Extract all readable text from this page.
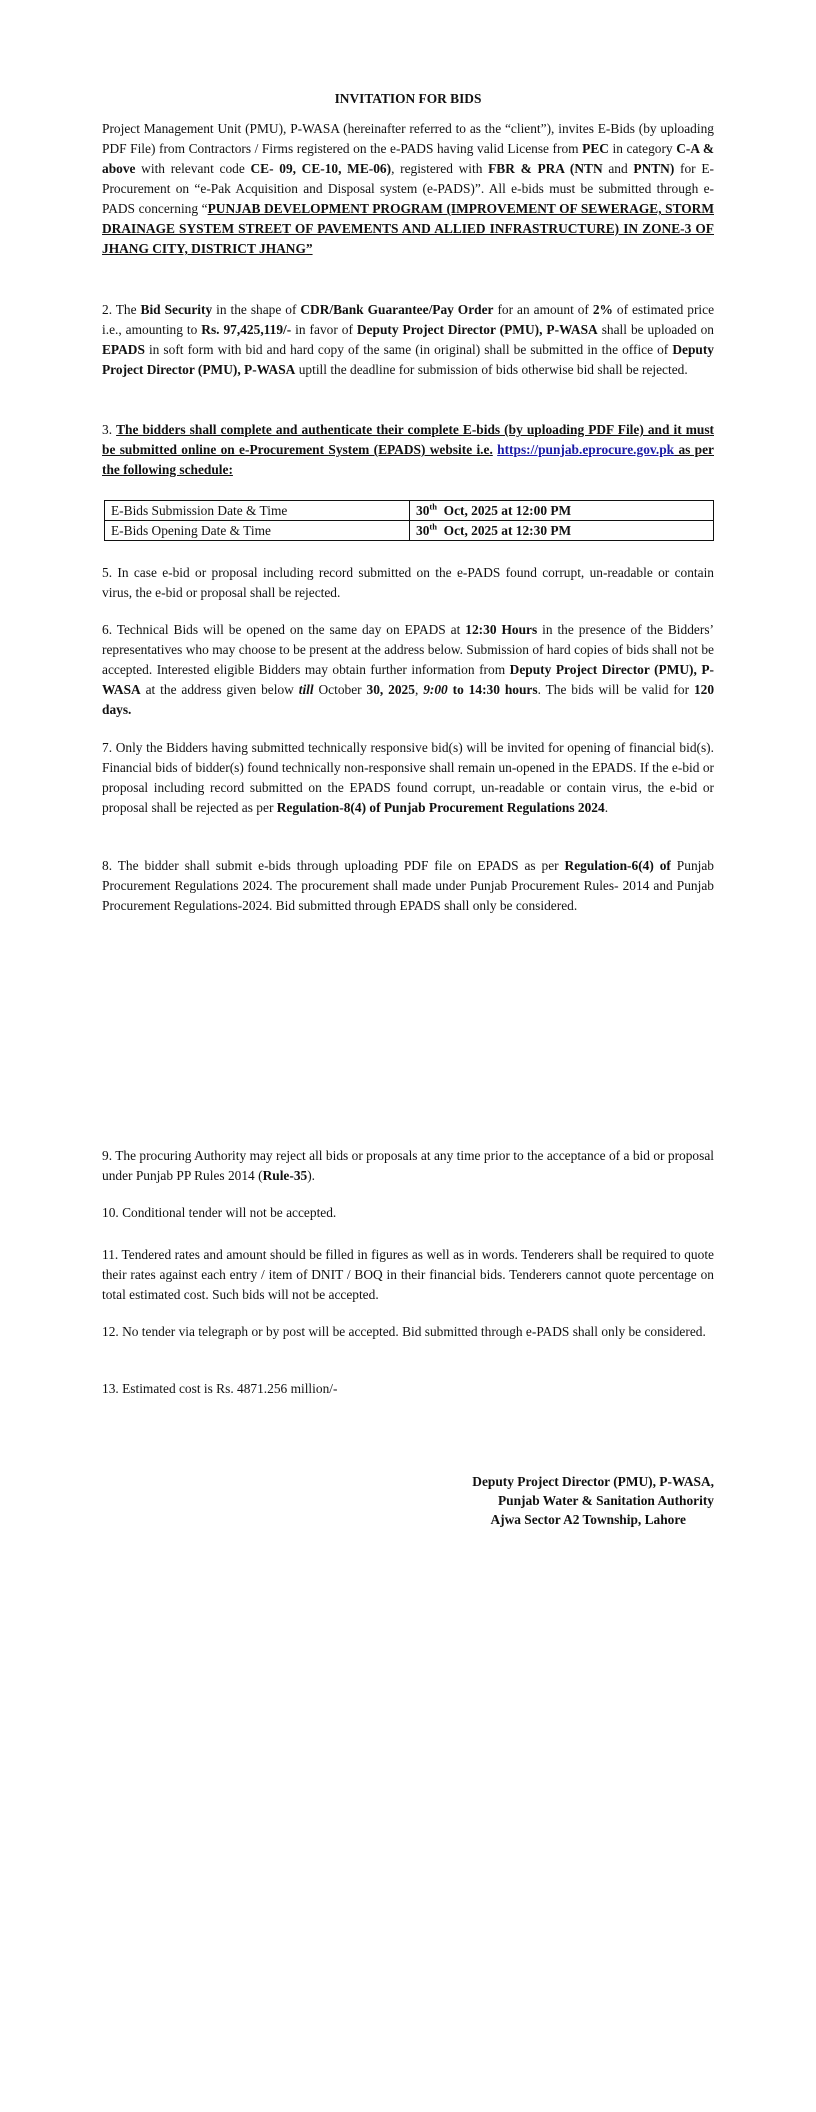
INVITATION FOR BIDS

Project Management Unit (PMU), P-WASA (hereinafter referred to as the “client”), invites E-Bids (by uploading PDF File) from Contractors / Firms registered on the e-PADS having valid License from PEC in category C-A & above with relevant code CE- 09, CE-10, ME-06), registered with FBR & PRA (NTN and PNTN) for E-Procurement on “e-Pak Acquisition and Disposal system (e-PADS)”. All e-bids must be submitted through e-PADS concerning “PUNJAB DEVELOPMENT PROGRAM (IMPROVEMENT OF SEWERAGE, STORM DRAINAGE SYSTEM STREET OF PAVEMENTS AND ALLIED INFRASTRUCTURE) IN ZONE-3 OF JHANG CITY, DISTRICT JHANG”

2. The Bid Security in the shape of CDR/Bank Guarantee/Pay Order for an amount of 2% of estimated price i.e., amounting to Rs. 97,425,119/- in favor of Deputy Project Director (PMU), P-WASA shall be uploaded on EPADS in soft form with bid and hard copy of the same (in original) shall be submitted in the office of Deputy Project Director (PMU), P-WASA uptill the deadline for submission of bids otherwise bid shall be rejected.

3. The bidders shall complete and authenticate their complete E-bids (by uploading PDF File) and it must be submitted online on e-Procurement System (EPADS) website i.e. https://punjab.eprocure.gov.pk as per the following schedule:

E-Bids Submission Date & Time	30th  Oct, 2025 at 12:00 PM
E-Bids Opening Date & Time	30th  Oct, 2025 at 12:30 PM

5. In case e-bid or proposal including record submitted on the e-PADS found corrupt, un-readable or contain virus, the e-bid or proposal shall be rejected.

6. Technical Bids will be opened on the same day on EPADS at 12:30 Hours in the presence of the Bidders’ representatives who may choose to be present at the address below. Submission of hard copies of bids shall not be accepted. Interested eligible Bidders may obtain further information from Deputy Project Director (PMU), P-WASA at the address given below till October 30, 2025, 9:00 to 14:30 hours. The bids will be valid for 120 days.

7. Only the Bidders having submitted technically responsive bid(s) will be invited for opening of financial bid(s). Financial bids of bidder(s) found technically non-responsive shall remain un-opened in the EPADS. If the e-bid or proposal including record submitted on the EPADS found corrupt, un-readable or contain virus, the e-bid or proposal shall be rejected as per Regulation-8(4) of Punjab Procurement Regulations 2024.

8. The bidder shall submit e-bids through uploading PDF file on EPADS as per Regulation-6(4) of Punjab Procurement Regulations 2024. The procurement shall made under Punjab Procurement Rules- 2014 and Punjab Procurement Regulations-2024. Bid submitted through EPADS shall only be considered.

9. The procuring Authority may reject all bids or proposals at any time prior to the acceptance of a bid or proposal under Punjab PP Rules 2014 (Rule-35).

10. Conditional tender will not be accepted.

11. Tendered rates and amount should be filled in figures as well as in words. Tenderers shall be required to quote their rates against each entry / item of DNIT / BOQ in their financial bids. Tenderers cannot quote percentage on total estimated cost. Such bids will not be accepted.

12. No tender via telegraph or by post will be accepted. Bid submitted through e-PADS shall only be considered.

13. Estimated cost is Rs. 4871.256 million/-

Deputy Project Director (PMU), P-WASA,
Punjab Water & Sanitation Authority
Ajwa Sector A2 Township, Lahore
